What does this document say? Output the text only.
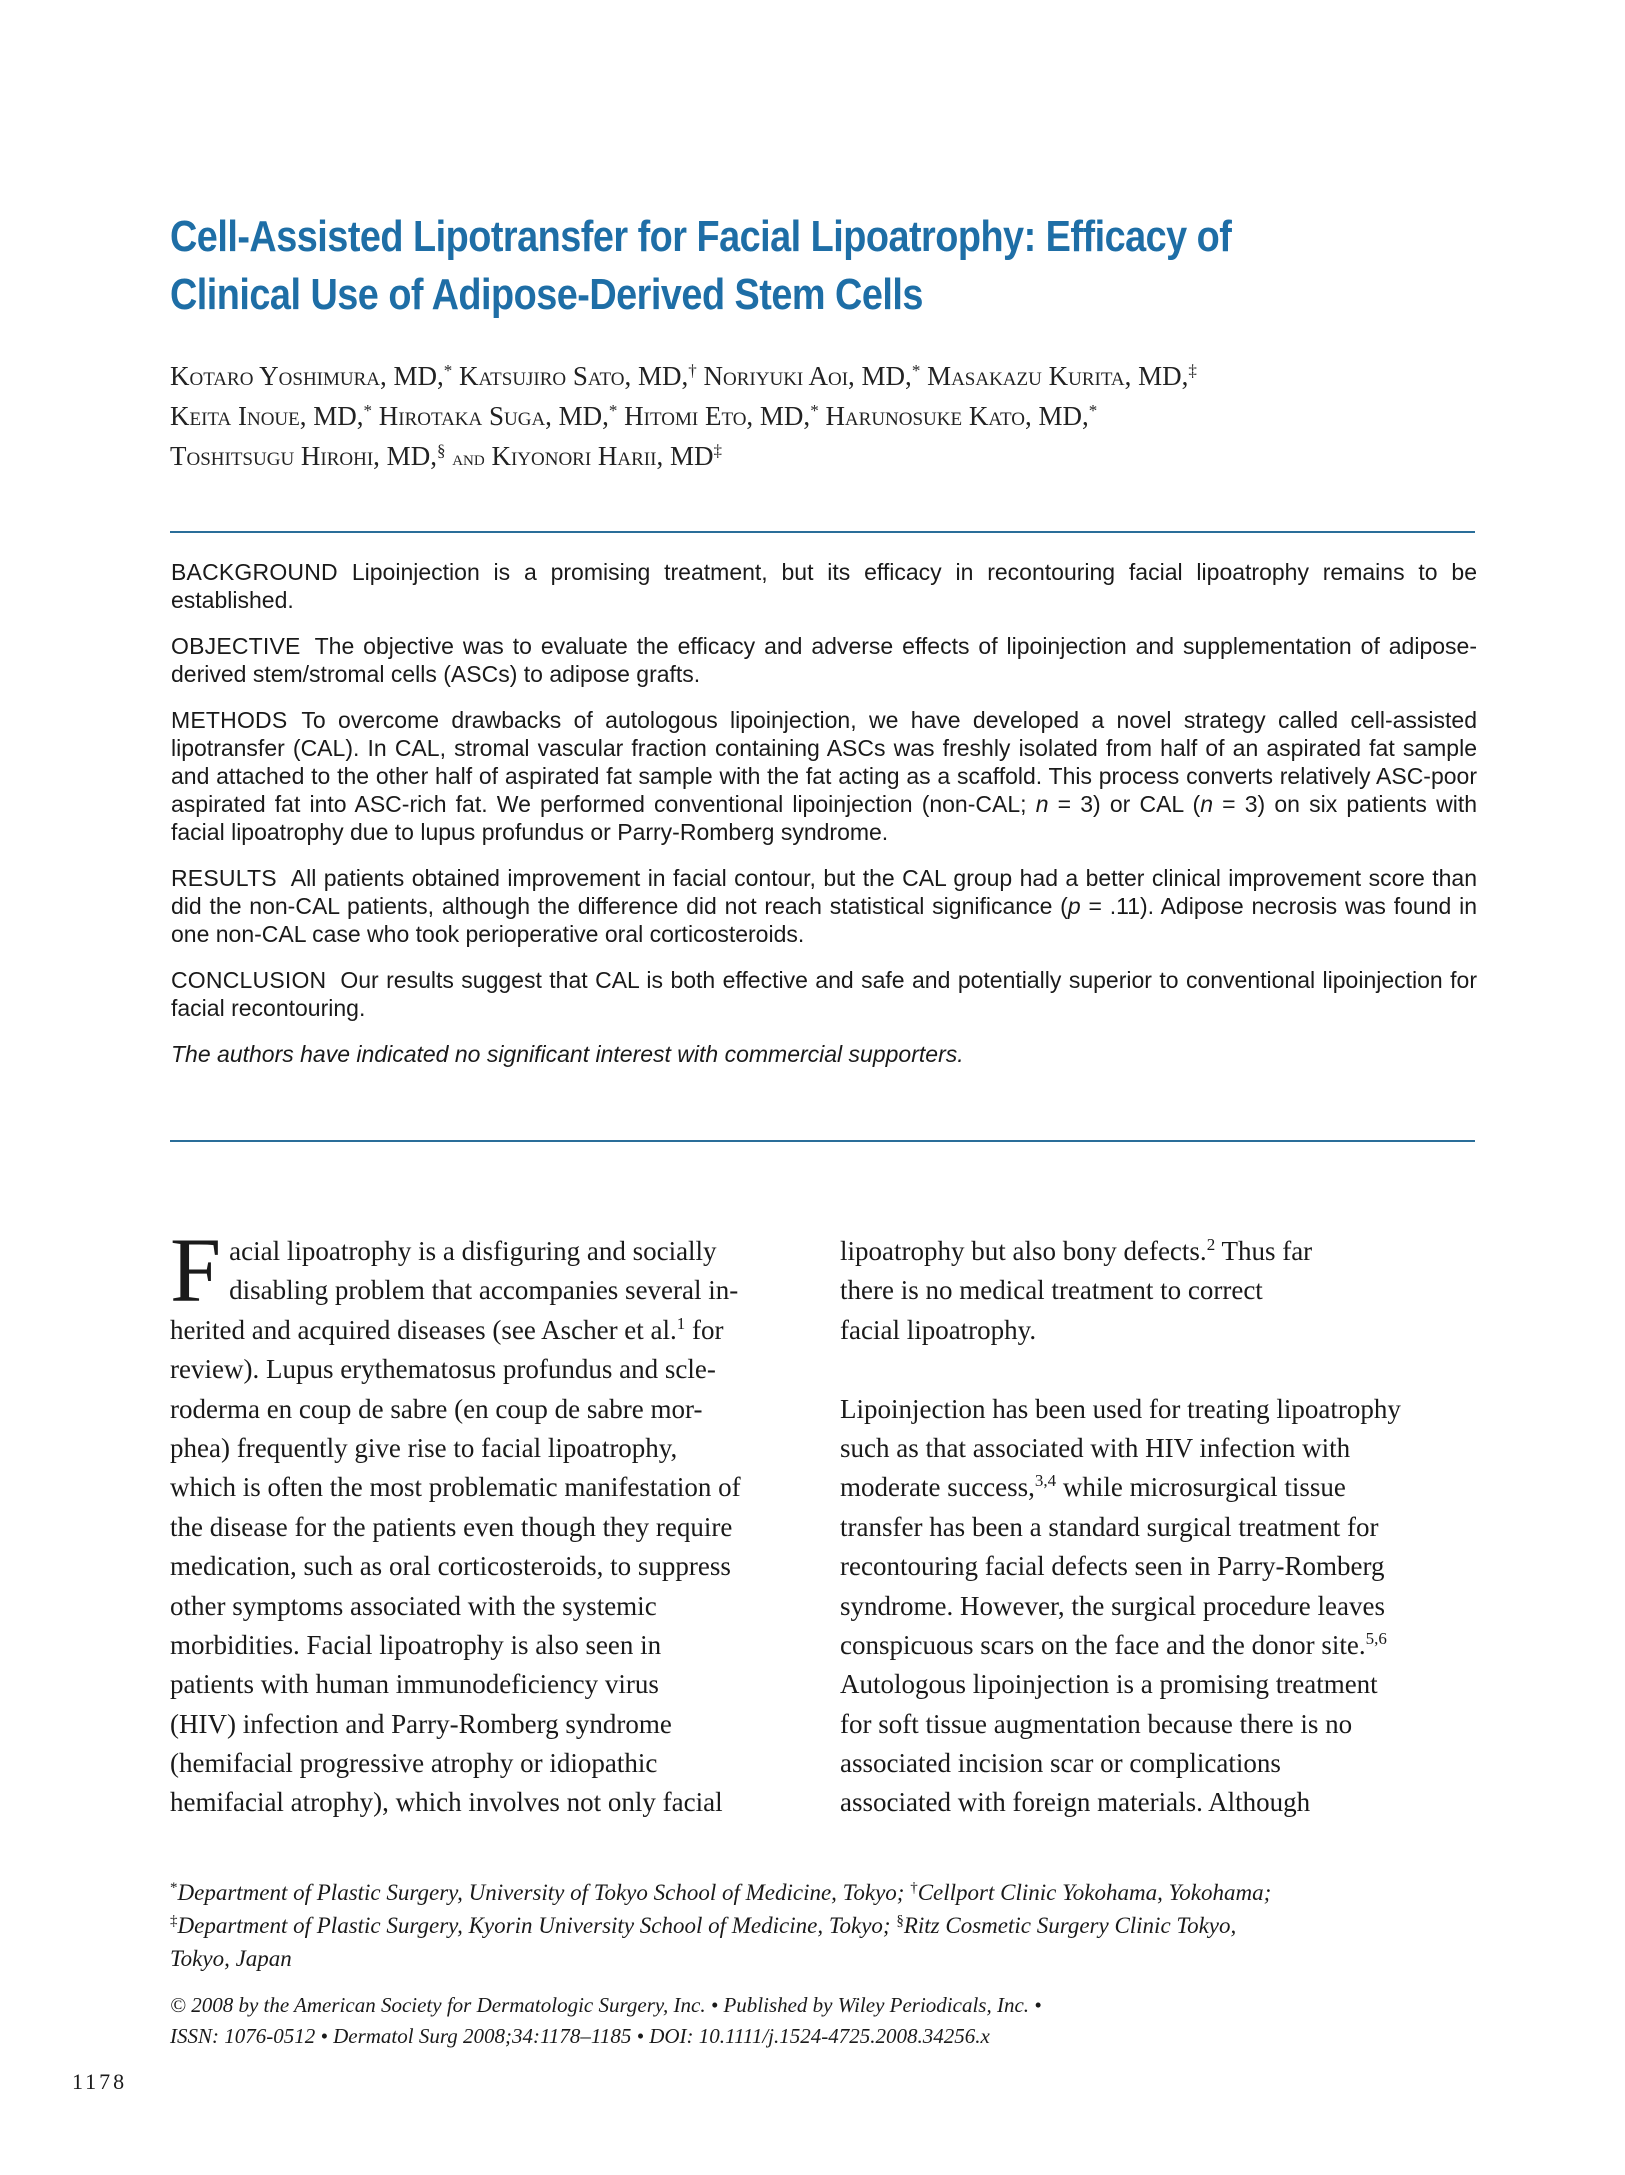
Cell-Assisted Lipotransfer for Facial Lipoatrophy: Efficacy of
Clinical Use of Adipose-Derived Stem Cells
Kotaro Yoshimura, MD,* Katsujiro Sato, MD,† Noriyuki Aoi, MD,* Masakazu Kurita, MD,‡
Keita Inoue, MD,* Hirotaka Suga, MD,* Hitomi Eto, MD,* Harunosuke Kato, MD,*
Toshitsugu Hirohi, MD,§ and Kiyonori Harii, MD‡

BACKGROUND Lipoinjection is a promising treatment, but its efficacy in recontouring facial lipoatrophy remains to be established.

OBJECTIVE The objective was to evaluate the efficacy and adverse effects of lipoinjection and supplementation of adipose-derived stem/stromal cells (ASCs) to adipose grafts.

METHODS To overcome drawbacks of autologous lipoinjection, we have developed a novel strategy called cell-assisted lipotransfer (CAL). In CAL, stromal vascular fraction containing ASCs was freshly isolated from half of an aspirated fat sample and attached to the other half of aspirated fat sample with the fat acting as a scaffold. This process converts relatively ASC-poor aspirated fat into ASC-rich fat. We performed conventional lipoinjection (non-CAL; n = 3) or CAL (n = 3) on six patients with facial lipoatrophy due to lupus profundus or Parry-Romberg syndrome.

RESULTS All patients obtained improvement in facial contour, but the CAL group had a better clinical improvement score than did the non-CAL patients, although the difference did not reach statistical significance (p = .11). Adipose necrosis was found in one non-CAL case who took perioperative oral corticosteroids.

CONCLUSION Our results suggest that CAL is both effective and safe and potentially superior to conventional lipoinjection for facial recontouring.

The authors have indicated no significant interest with commercial supporters.

F acial lipoatrophy is a disfiguring and socially
disabling problem that accompanies several in-
herited and acquired diseases (see Ascher et al.$^1$ for
review). Lupus erythematosus profundus and scle-
roderma en coup de sabre (en coup de sabre mor-
phea) frequently give rise to facial lipoatrophy,
which is often the most problematic manifestation of
the disease for the patients even though they require
medication, such as oral corticosteroids, to suppress
other symptoms associated with the systemic
morbidities. Facial lipoatrophy is also seen in
patients with human immunodeficiency virus
(HIV) infection and Parry-Romberg syndrome
(hemifacial progressive atrophy or idiopathic
hemifacial atrophy), which involves not only facial
lipoatrophy but also bony defects.$^2$ Thus far
there is no medical treatment to correct
facial lipoatrophy.
Lipoinjection has been used for treating lipoatrophy
such as that associated with HIV infection with
moderate success,$^{3,4}$ while microsurgical tissue
transfer has been a standard surgical treatment for
recontouring facial defects seen in Parry-Romberg
syndrome. However, the surgical procedure leaves
conspicuous scars on the face and the donor site.$^{5,6}$
Autologous lipoinjection is a promising treatment
for soft tissue augmentation because there is no
associated incision scar or complications
associated with foreign materials. Although
*Department of Plastic Surgery, University of Tokyo School of Medicine, Tokyo; †Cellport Clinic Yokohama, Yokohama;
‡Department of Plastic Surgery, Kyorin University School of Medicine, Tokyo; §Ritz Cosmetic Surgery Clinic Tokyo,
Tokyo, Japan
© 2008 by the American Society for Dermatologic Surgery, Inc. • Published by Wiley Periodicals, Inc. •
ISSN: 1076-0512 • Dermatol Surg 2008;34:1178–1185 • DOI: 10.1111/j.1524-4725.2008.34256.x
1178
